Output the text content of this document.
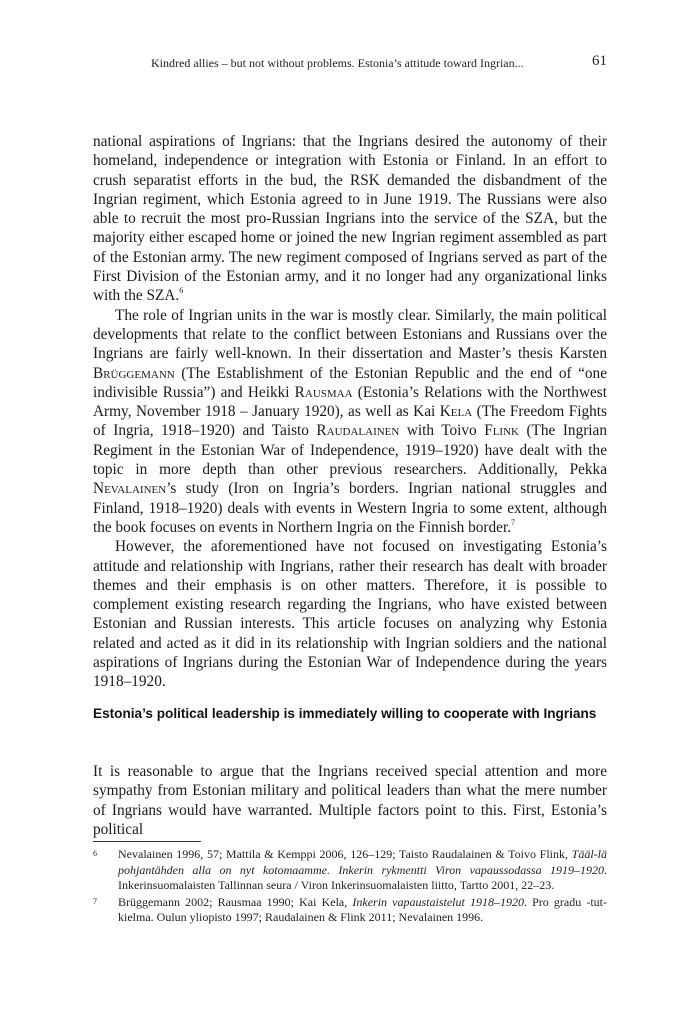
Kindred allies – but not without problems. Estonia’s attitude toward Ingrian...	61

national aspirations of Ingrians: that the Ingrians desired the autonomy of their homeland, independence or integration with Estonia or Finland. In an effort to crush separatist efforts in the bud, the RSK demanded the disbandment of the Ingrian regiment, which Estonia agreed to in June 1919. The Russians were also able to recruit the most pro-Russian Ingrians into the service of the SZA, but the majority either escaped home or joined the new Ingrian regiment assembled as part of the Estonian army. The new regiment composed of Ingrians served as part of the First Division of the Estonian army, and it no longer had any organizational links with the SZA.$^6$

The role of Ingrian units in the war is mostly clear. Similarly, the main political developments that relate to the conflict between Estonians and Russians over the Ingrians are fairly well-known. In their dissertation and Master’s thesis Karsten Brüggemann (The Establishment of the Estonian Republic and the end of “one indivisible Russia”) and Heikki Rausmaa (Estonia’s Relations with the Northwest Army, November 1918 – January 1920), as well as Kai Kela (The Freedom Fights of Ingria, 1918–1920) and Taisto Raudalainen with Toivo Flink (The Ingrian Regiment in the Estonian War of Independence, 1919–1920) have dealt with the topic in more depth than other previous researchers. Additionally, Pekka Nevalainen’s study (Iron on Ingria’s borders. Ingrian national struggles and Finland, 1918–1920) deals with events in Western Ingria to some extent, although the book focuses on events in Northern Ingria on the Finnish border.$^7$

However, the aforementioned have not focused on investigating Estonia’s attitude and relationship with Ingrians, rather their research has dealt with broader themes and their emphasis is on other matters. Therefore, it is possible to complement existing research regarding the Ingrians, who have existed between Estonian and Russian interests. This article focuses on analyzing why Estonia related and acted as it did in its relationship with Ingrian soldiers and the national aspirations of Ingrians during the Estonian War of Independence during the years 1918–1920.

Estonia’s political leadership is immediately willing to cooperate with Ingrians
It is reasonable to argue that the Ingrians received special attention and more sympathy from Estonian military and political leaders than what the mere number of Ingrians would have warranted. Multiple factors point to this. First, Estonia’s political
6 Nevalainen 1996, 57; Mattila & Kemppi 2006, 126–129; Taisto Raudalainen & Toivo Flink, Tääl-lä pohjantähden alla on nyt kotomaamme. Inkerin rykmentti Viron vapaussodassa 1919–1920. Inkerinsuomalaisten Tallinnan seura / Viron Inkerinsuomalaisten liitto, Tartto 2001, 22–23.
7 Brüggemann 2002; Rausmaa 1990; Kai Kela, Inkerin vapaustaistelut 1918–1920. Pro gradu -tut-kielma. Oulun yliopisto 1997; Raudalainen & Flink 2011; Nevalainen 1996.
